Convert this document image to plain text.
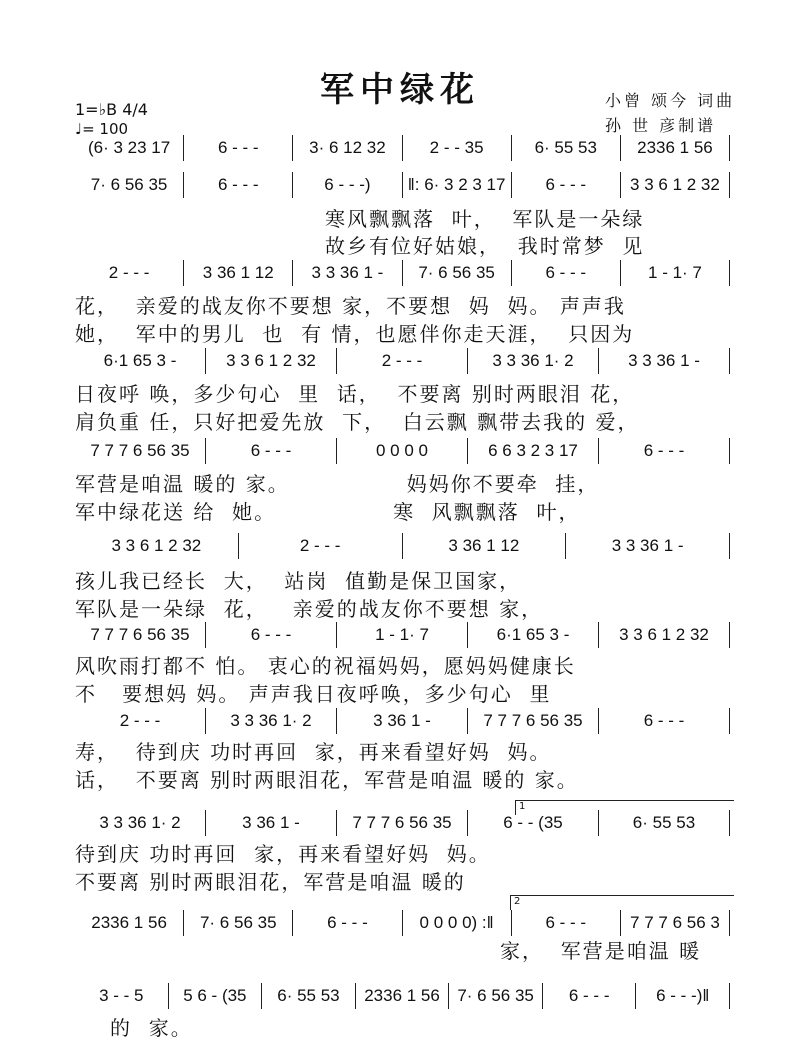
军中绿花	小曾 颂今 词曲
孙 世 彦制谱
1=♭B 4/4
♩= 100
(6· 3 23 17	6 - - -	3· 6 12 32	2 - - 35	6· 55 53	2336 1 56
7· 6 56 35	6 - - -	6 - - -)	‖: 6· 3 2 3 17	6 - - -	3 3 6 1 2 32
寒风飘飘落  叶，  军队是一朵绿
故乡有位好姑娘，  我时常梦  见
2 - - -	3 36 1 12	3 3 36 1 -	7· 6 56 35	6 - - -	1 - 1· 7
花，  亲爱的战友你不要想 家，不要想  妈  妈。 声声我
她，  军中的男儿  也  有 情，也愿伴你走天涯，  只因为
6·1 65 3 -	3 3 6 1 2 32	2 - - -	3 3 36 1· 2	3 3 36 1 -
日夜呼 唤，多少句心  里  话，  不要离 别时两眼泪 花，
肩负重 任，只好把爱先放  下，  白云飘 飘带去我的 爱，
7 7 7 6 56 35	6 - - -	0 0 0 0	6 6 3 2 3 17	6 - - -
军营是咱温 暖的 家。              妈妈你不要牵  挂，
军中绿花送 给  她。              寒  风飘飘落  叶，
3 3 6 1 2 32	2 - - -	3 36 1 12	3 3 36 1 -
孩儿我已经长  大，  站岗  值勤是保卫国家，
军队是一朵绿  花，   亲爱的战友你不要想 家，
7 7 7 6 56 35	6 - - -	1 - 1· 7	6·1 65 3 -	3 3 6 1 2 32
风吹雨打都不 怕。 衷心的祝福妈妈，愿妈妈健康长
不   要想妈 妈。 声声我日夜呼唤，多少句心  里
2 - - -	3 3 36 1· 2	3 36 1 -	7 7 7 6 56 35	6 - - -
寿，  待到庆 功时再回  家，再来看望好妈  妈。
话，  不要离 别时两眼泪花，军营是咱温 暖的 家。
3 3 36 1· 2	3 36 1 -	7 7 7 6 56 35	6 - - (35	6· 55 53
待到庆 功时再回  家，再来看望好妈  妈。
不要离 别时两眼泪花，军营是咱温 暖的
2336 1 56	7· 6 56 35	6 - - -	0 0 0 0) :‖	6 - - -	7 7 7 6 56 3
家，  军营是咱温 暖
3 - - 5	5 6 - (35	6· 55 53	2336 1 56	7· 6 56 35	6 - - -	6 - - -)‖
的  家。
1
2
